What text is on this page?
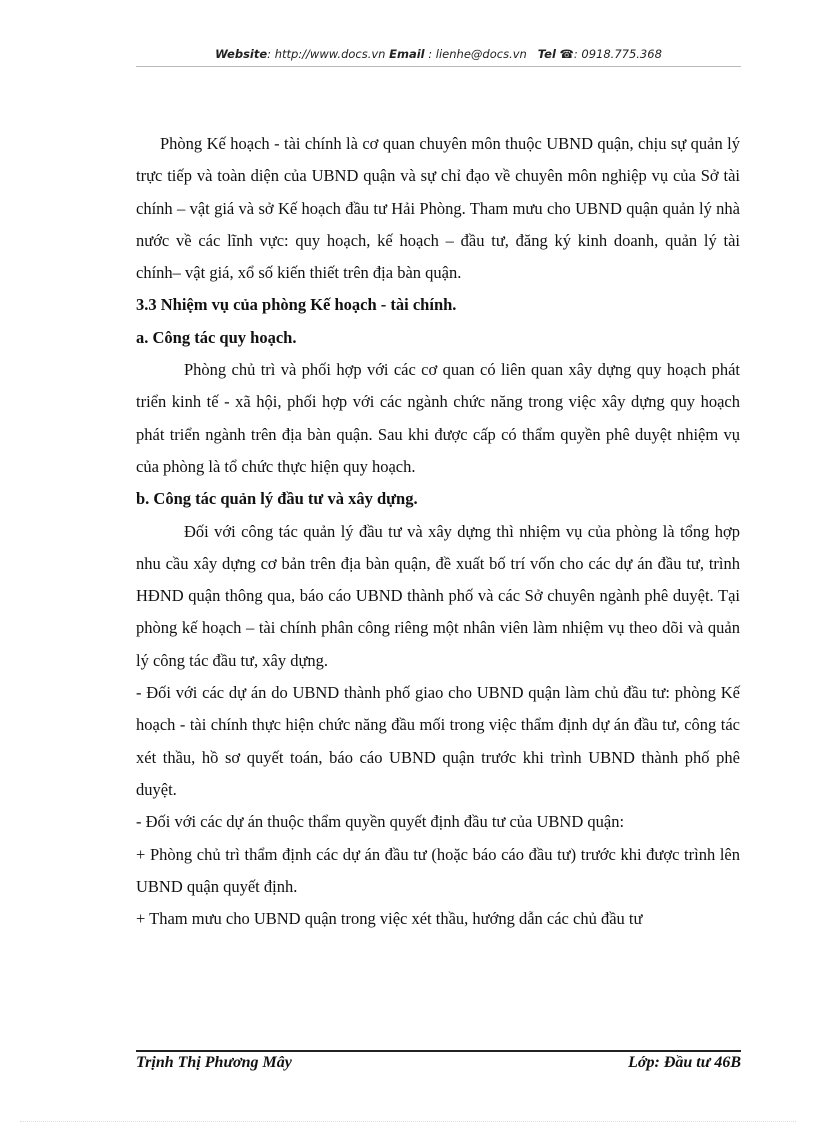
Website: http://www.docs.vn Email : lienhe@docs.vn Tel ☎: 0918.775.368

Phòng Kế hoạch - tài chính là cơ quan chuyên môn thuộc UBND quận, chịu sự quản lý trực tiếp và toàn diện của UBND quận và sự chỉ đạo về chuyên môn nghiệp vụ của Sở tài chính – vật giá và sở Kế hoạch đầu tư Hải Phòng. Tham mưu cho UBND quận quản lý nhà nước về các lĩnh vực: quy hoạch, kế hoạch – đầu tư, đăng ký kinh doanh, quản lý tài chính– vật giá, xổ số kiến thiết trên địa bàn quận.

3.3 Nhiệm vụ của phòng Kế hoạch - tài chính.

a. Công tác quy hoạch.

Phòng chủ trì và phối hợp với các cơ quan có liên quan xây dựng quy hoạch phát triển kinh tế - xã hội, phối hợp với các ngành chức năng trong việc xây dựng quy hoạch phát triển ngành trên địa bàn quận. Sau khi được cấp có thẩm quyền phê duyệt nhiệm vụ của phòng là tổ chức thực hiện quy hoạch.

b. Công tác quản lý đầu tư và xây dựng.

Đối với công tác quản lý đầu tư và xây dựng thì nhiệm vụ của phòng là tổng hợp nhu cầu xây dựng cơ bản trên địa bàn quận, đề xuất bố trí vốn cho các dự án đầu tư, trình HĐND quận thông qua, báo cáo UBND thành phố và các Sở chuyên ngành phê duyệt. Tại phòng kế hoạch – tài chính phân công riêng một nhân viên làm nhiệm vụ theo dõi và quản lý công tác đầu tư, xây dựng.

- Đối với các dự án do UBND thành phố giao cho UBND quận làm chủ đầu tư: phòng Kế hoạch - tài chính thực hiện chức năng đầu mối trong việc thẩm định dự án đầu tư, công tác xét thầu, hồ sơ quyết toán, báo cáo UBND quận trước khi trình UBND thành phố phê duyệt.

- Đối với các dự án thuộc thẩm quyền quyết định đầu tư của UBND quận:

+ Phòng chủ trì thẩm định các dự án đầu tư (hoặc báo cáo đầu tư) trước khi được trình lên UBND quận quyết định.

+ Tham mưu cho UBND quận trong việc xét thầu, hướng dẫn các chủ đầu tư

Trịnh Thị Phương Mây	Lớp: Đầu tư 46B
